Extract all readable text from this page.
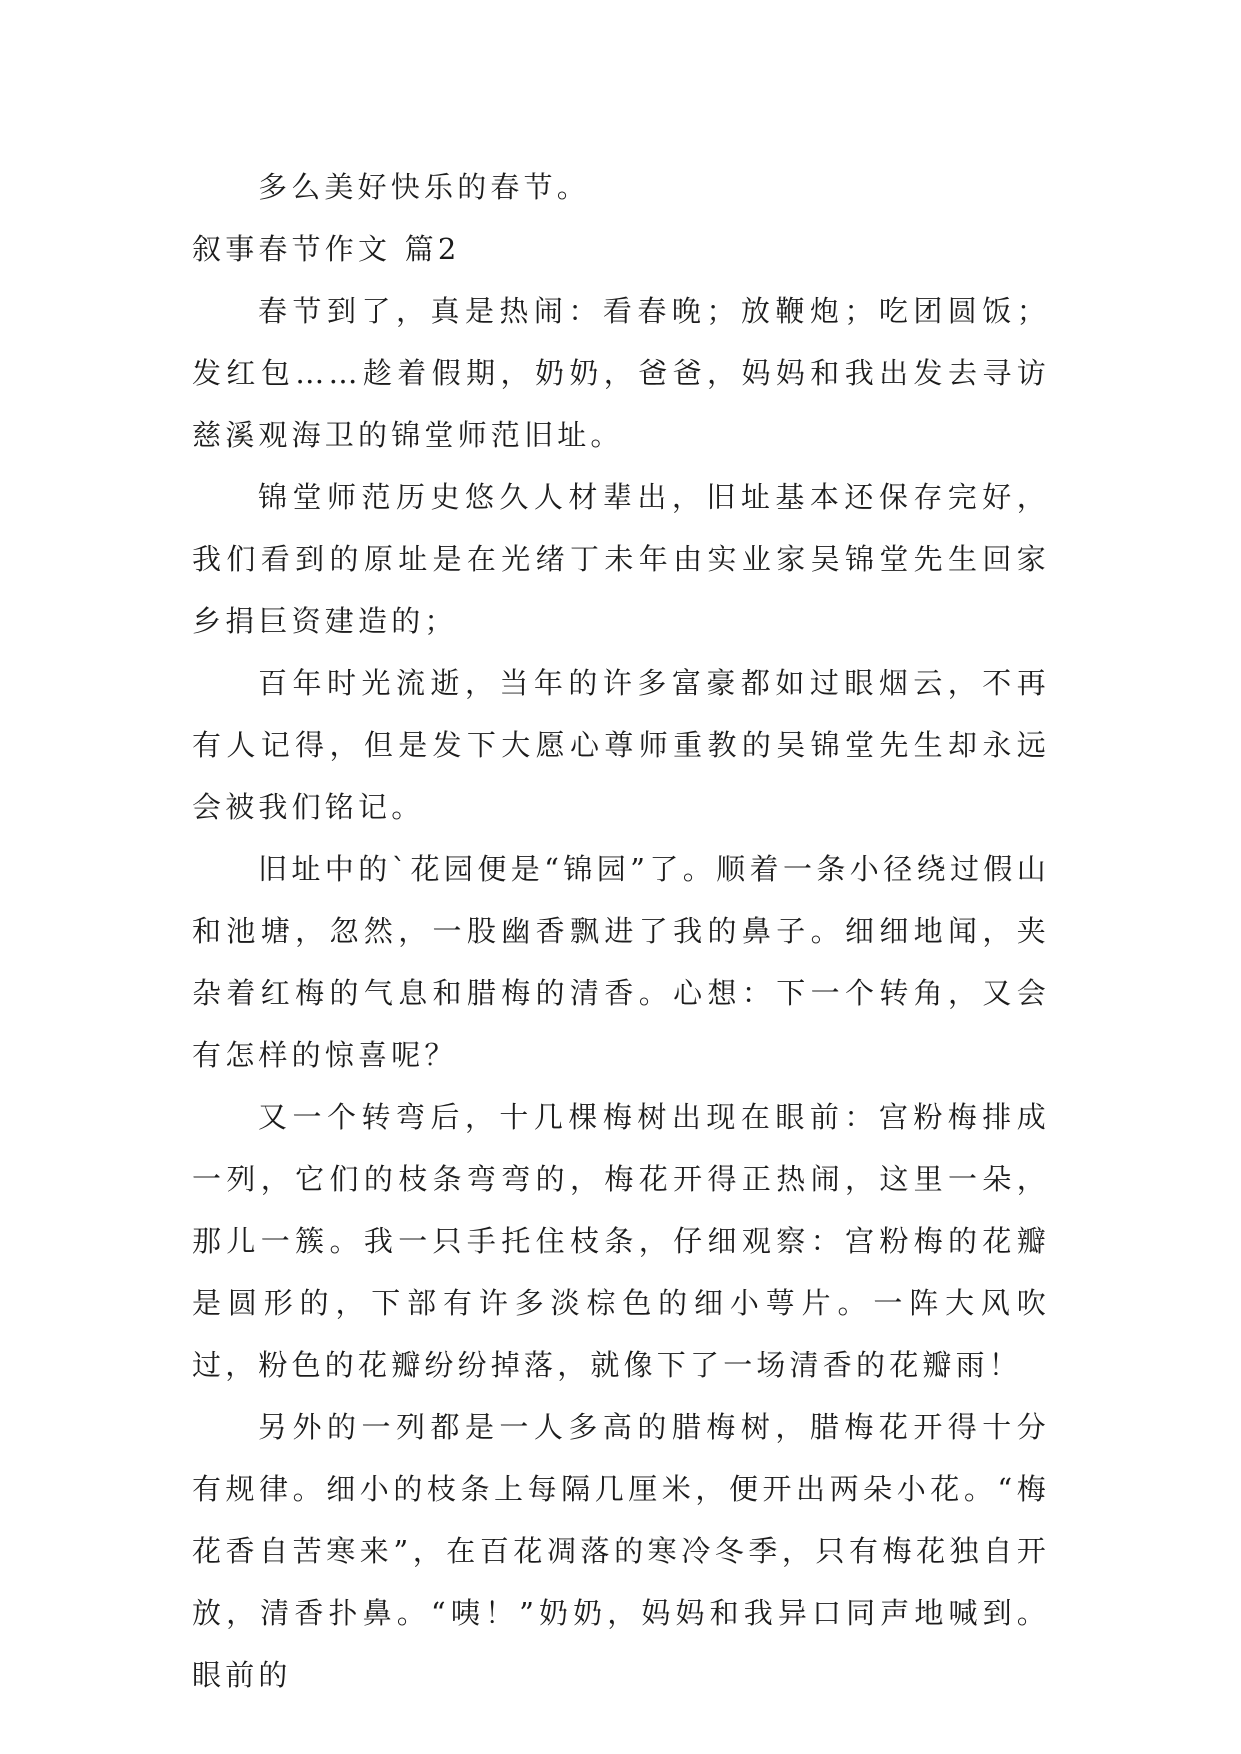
多么美好快乐的春节。

叙事春节作文 篇2

春节到了，真是热闹：看春晚；放鞭炮；吃团圆饭；发红包……趁着假期，奶奶，爸爸，妈妈和我出发去寻访慈溪观海卫的锦堂师范旧址。

锦堂师范历史悠久人材辈出，旧址基本还保存完好，我们看到的原址是在光绪丁未年由实业家吴锦堂先生回家乡捐巨资建造的；

百年时光流逝，当年的许多富豪都如过眼烟云，不再有人记得，但是发下大愿心尊师重教的吴锦堂先生却永远会被我们铭记。

旧址中的`花园便是“锦园”了。顺着一条小径绕过假山和池塘，忽然，一股幽香飘进了我的鼻子。细细地闻，夹杂着红梅的气息和腊梅的清香。心想：下一个转角，又会有怎样的惊喜呢？

又一个转弯后，十几棵梅树出现在眼前：宫粉梅排成一列，它们的枝条弯弯的，梅花开得正热闹，这里一朵，那儿一簇。我一只手托住枝条，仔细观察：宫粉梅的花瓣是圆形的，下部有许多淡棕色的细小萼片。一阵大风吹过，粉色的花瓣纷纷掉落，就像下了一场清香的花瓣雨！

另外的一列都是一人多高的腊梅树，腊梅花开得十分有规律。细小的枝条上每隔几厘米，便开出两朵小花。“梅花香自苦寒来”，在百花凋落的寒冷冬季，只有梅花独自开放，清香扑鼻。“咦！”奶奶，妈妈和我异口同声地喊到。眼前的
